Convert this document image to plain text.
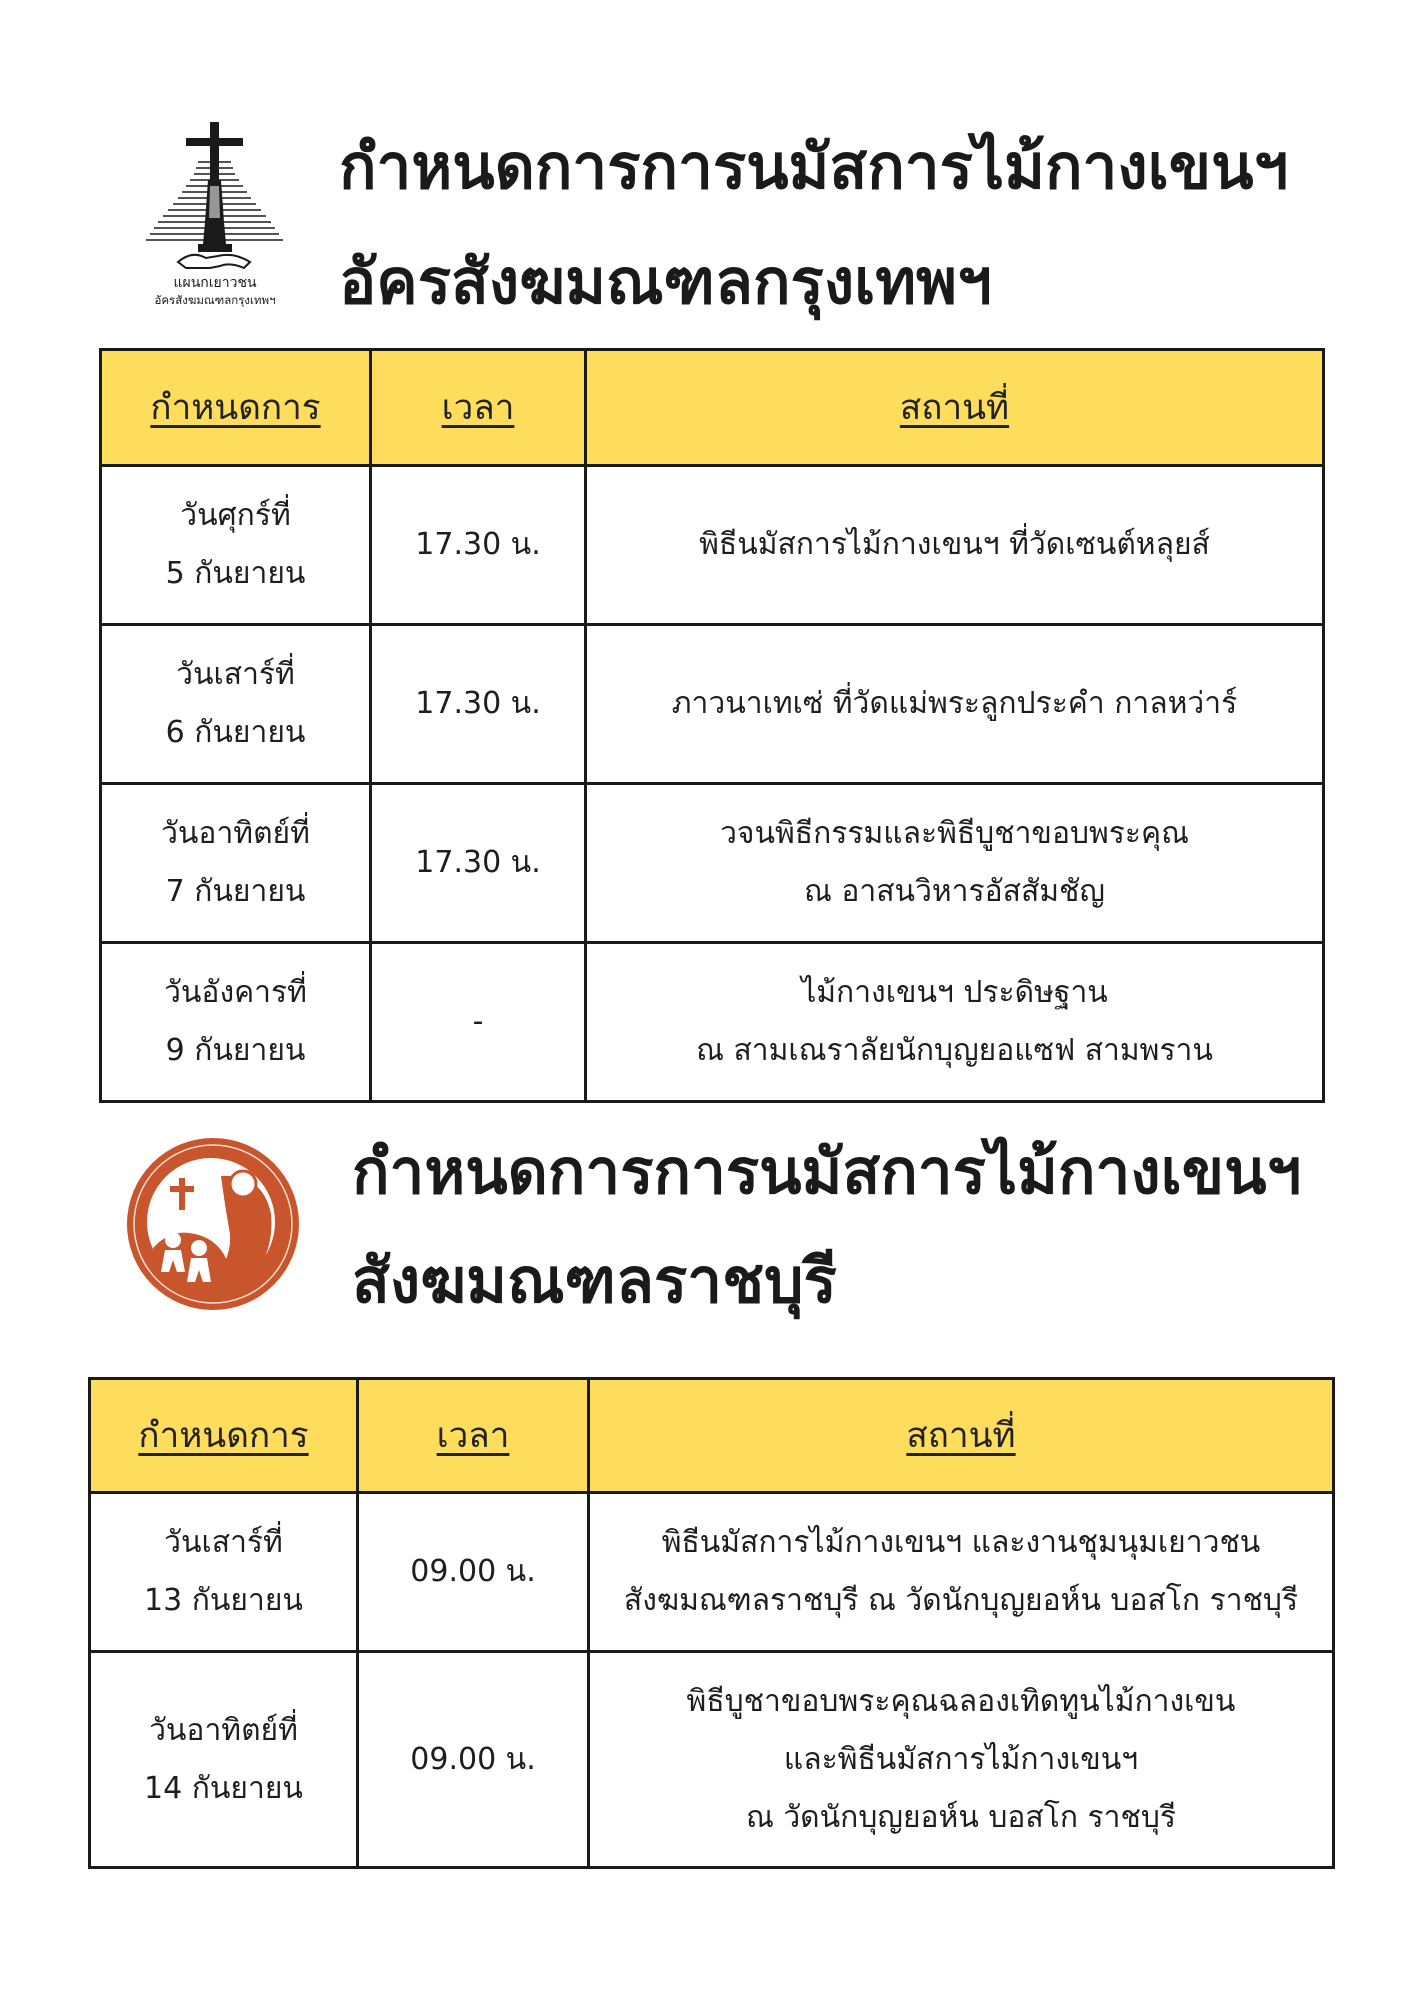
แผนกเยาวชน
อัครสังฆมณฑลกรุงเทพฯ
กำหนดการการนมัสการไม้กางเขนฯ
อัครสังฆมณฑลกรุงเทพฯ
กำหนดการ	เวลา	สถานที่

วันศุกร์ที่
5 กันยายน	17.30 น.	พิธีนมัสการไม้กางเขนฯ ที่วัดเซนต์หลุยส์

วันเสาร์ที่
6 กันยายน	17.30 น.	ภาวนาเทเซ่ ที่วัดแม่พระลูกประคำ กาลหว่าร์

วันอาทิตย์ที่
7 กันยายน	17.30 น.	วจนพิธีกรรมและพิธีบูชาขอบพระคุณ
ณ อาสนวิหารอัสสัมชัญ

วันอังคารที่
9 กันยายน	-	ไม้กางเขนฯ ประดิษฐาน
ณ สามเณราลัยนักบุญยอแซฟ สามพราน
กำหนดการการนมัสการไม้กางเขนฯ
สังฆมณฑลราชบุรี
กำหนดการ	เวลา	สถานที่

วันเสาร์ที่
13 กันยายน	09.00 น.	พิธีนมัสการไม้กางเขนฯ และงานชุมนุมเยาวชน
สังฆมณฑลราชบุรี ณ วัดนักบุญยอห์น บอสโก ราชบุรี

วันอาทิตย์ที่
14 กันยายน	09.00 น.	พิธีบูชาขอบพระคุณฉลองเทิดทูนไม้กางเขน
และพิธีนมัสการไม้กางเขนฯ
ณ วัดนักบุญยอห์น บอสโก ราชบุรี
